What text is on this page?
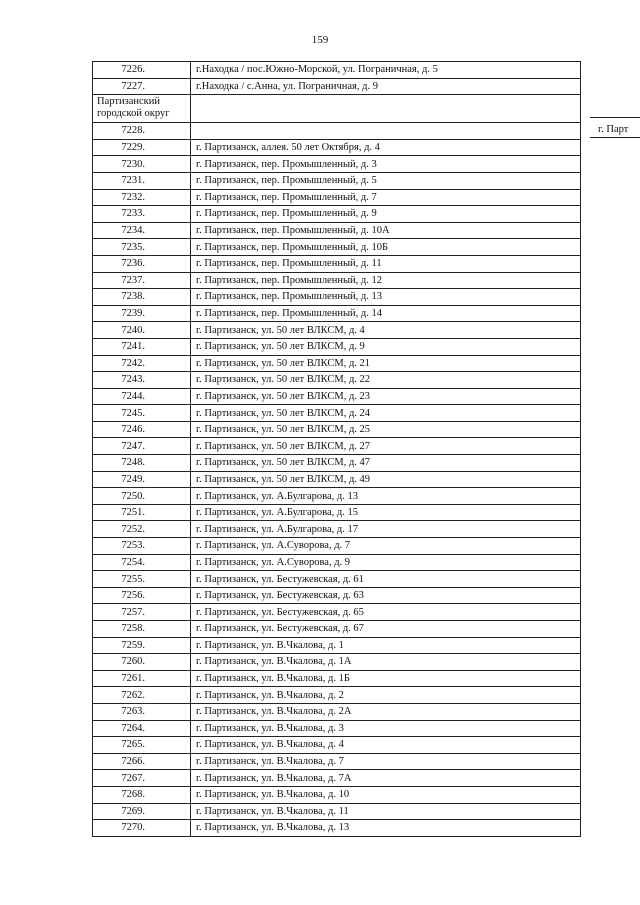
159
7226.	г.Находка / пос.Южно-Морской, ул. Пограничная, д. 5
7227.	г.Находка / с.Анна, ул. Пограничная, д. 9
Партизанский городской округ	
7228.	
7229.	г. Партизанск, аллея. 50 лет Октября, д. 4
7230.	г. Партизанск, пер. Промышленный, д. 3
7231.	г. Партизанск, пер. Промышленный, д. 5
7232.	г. Партизанск, пер. Промышленный, д. 7
7233.	г. Партизанск, пер. Промышленный, д. 9
7234.	г. Партизанск, пер. Промышленный, д. 10А
7235.	г. Партизанск, пер. Промышленный, д. 10Б
7236.	г. Партизанск, пер. Промышленный, д. 11
7237.	г. Партизанск, пер. Промышленный, д. 12
7238.	г. Партизанск, пер. Промышленный, д. 13
7239.	г. Партизанск, пер. Промышленный, д. 14
7240.	г. Партизанск, ул. 50 лет ВЛКСМ, д. 4
7241.	г. Партизанск, ул. 50 лет ВЛКСМ, д. 9
7242.	г. Партизанск, ул. 50 лет ВЛКСМ, д. 21
7243.	г. Партизанск, ул. 50 лет ВЛКСМ, д. 22
7244.	г. Партизанск, ул. 50 лет ВЛКСМ, д. 23
7245.	г. Партизанск, ул. 50 лет ВЛКСМ, д. 24
7246.	г. Партизанск, ул. 50 лет ВЛКСМ, д. 25
7247.	г. Партизанск, ул. 50 лет ВЛКСМ, д. 27
7248.	г. Партизанск, ул. 50 лет ВЛКСМ, д. 47
7249.	г. Партизанск, ул. 50 лет ВЛКСМ, д. 49
7250.	г. Партизанск, ул. А.Булгарова, д. 13
7251.	г. Партизанск, ул. А.Булгарова, д. 15
7252.	г. Партизанск, ул. А.Булгарова, д. 17
7253.	г. Партизанск, ул. А.Суворова, д. 7
7254.	г. Партизанск, ул. А.Суворова, д. 9
7255.	г. Партизанск, ул. Бестужевская, д. 61
7256.	г. Партизанск, ул. Бестужевская, д. 63
7257.	г. Партизанск, ул. Бестужевская, д. 65
7258.	г. Партизанск, ул. Бестужевская, д. 67
7259.	г. Партизанск, ул. В.Чкалова, д. 1
7260.	г. Партизанск, ул. В.Чкалова, д. 1А
7261.	г. Партизанск, ул. В.Чкалова, д. 1Б
7262.	г. Партизанск, ул. В.Чкалова, д. 2
7263.	г. Партизанск, ул. В.Чкалова, д. 2А
7264.	г. Партизанск, ул. В.Чкалова, д. 3
7265.	г. Партизанск, ул. В.Чкалова, д. 4
7266.	г. Партизанск, ул. В.Чкалова, д. 7
7267.	г. Партизанск, ул. В.Чкалова, д. 7А
7268.	г. Партизанск, ул. В.Чкалова, д. 10
7269.	г. Партизанск, ул. В.Чкалова, д. 11
7270.	г. Партизанск, ул. В.Чкалова, д. 13
г. Парт
